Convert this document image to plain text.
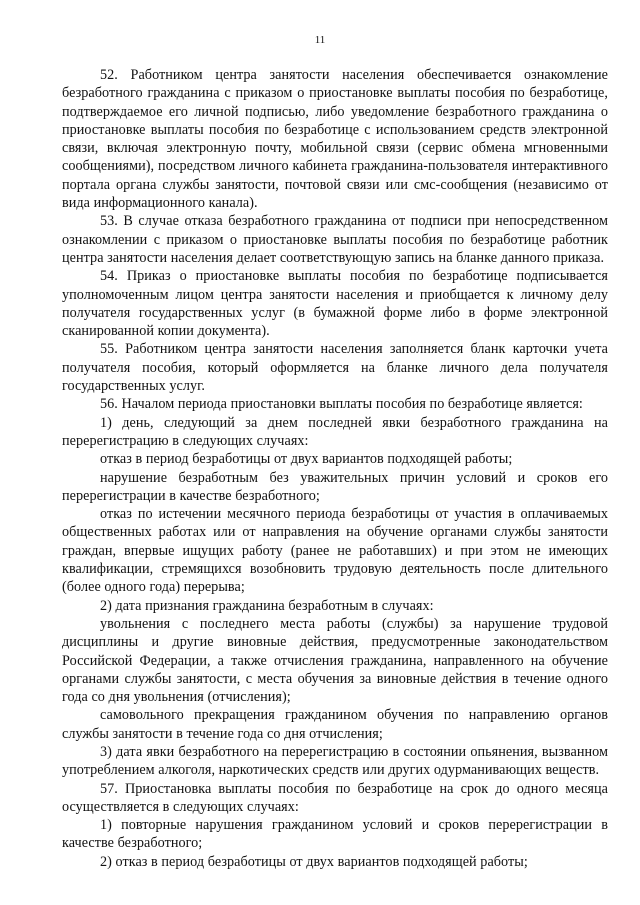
11

52. Работником центра занятости населения обеспечивается ознакомление безработного гражданина с приказом о приостановке выплаты пособия по безработице, подтверждаемое его личной подписью, либо уведомление безработного гражданина о приостановке выплаты пособия по безработице с использованием средств электронной связи, включая электронную почту, мобильной связи (сервис обмена мгновенными сообщениями), посредством личного кабинета гражданина-пользователя интерактивного портала органа службы занятости, почтовой связи или смс-сообщения (независимо от вида информационного канала).

53. В случае отказа безработного гражданина от подписи при непосредственном ознакомлении с приказом о приостановке выплаты пособия по безработице работник центра занятости населения делает соответствующую запись на бланке данного приказа.

54. Приказ о приостановке выплаты пособия по безработице подписывается уполномоченным лицом центра занятости населения и приобщается к личному делу получателя государственных услуг (в бумажной форме либо в форме электронной сканированной копии документа).

55. Работником центра занятости населения заполняется бланк карточки учета получателя пособия, который оформляется на бланке личного дела получателя государственных услуг.

56. Началом периода приостановки выплаты пособия по безработице является:

1) день, следующий за днем последней явки безработного гражданина на перерегистрацию в следующих случаях:

отказ в период безработицы от двух вариантов подходящей работы;

нарушение безработным без уважительных причин условий и сроков его перерегистрации в качестве безработного;

отказ по истечении месячного периода безработицы от участия в оплачиваемых общественных работах или от направления на обучение органами службы занятости граждан, впервые ищущих работу (ранее не работавших) и при этом не имеющих квалификации, стремящихся возобновить трудовую деятельность после длительного (более одного года) перерыва;

2) дата признания гражданина безработным в случаях:

увольнения с последнего места работы (службы) за нарушение трудовой дисциплины и другие виновные действия, предусмотренные законодательством Российской Федерации, а также отчисления гражданина, направленного на обучение органами службы занятости, с места обучения за виновные действия в течение одного года со дня увольнения (отчисления);

самовольного прекращения гражданином обучения по направлению органов службы занятости в течение года со дня отчисления;

3) дата явки безработного на перерегистрацию в состоянии опьянения, вызванном употреблением алкоголя, наркотических средств или других одурманивающих веществ.

57. Приостановка выплаты пособия по безработице на срок до одного месяца осуществляется в следующих случаях:

1) повторные нарушения гражданином условий и сроков перерегистрации в качестве безработного;

2) отказ в период безработицы от двух вариантов подходящей работы;
